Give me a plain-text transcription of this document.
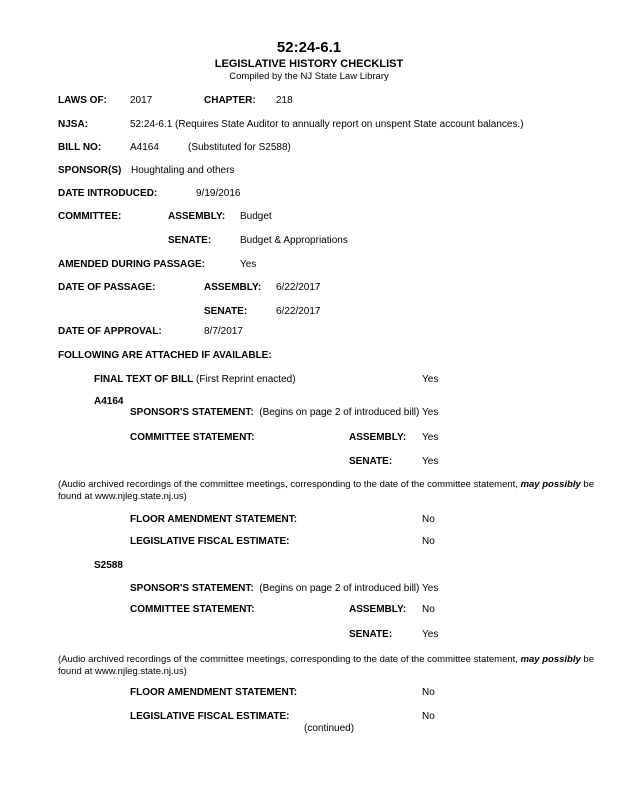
52:24-6.1
LEGISLATIVE HISTORY CHECKLIST
Compiled by the NJ State Law Library
LAWS OF: 2017	CHAPTER: 218
NJSA:	52:24-6.1 (Requires State Auditor to annually report on unspent State account balances.)
BILL NO:	A4164	(Substituted for S2588)
SPONSOR(S) Houghtaling and others
DATE INTRODUCED:	9/19/2016
COMMITTEE:	ASSEMBLY: Budget
SENATE:	Budget & Appropriations
AMENDED DURING PASSAGE:	Yes
DATE OF PASSAGE:	ASSEMBLY: 6/22/2017
SENATE:	6/22/2017
DATE OF APPROVAL:	8/7/2017
FOLLOWING ARE ATTACHED IF AVAILABLE:
FINAL TEXT OF BILL (First Reprint enacted)	Yes
A4164
SPONSOR'S STATEMENT: (Begins on page 2 of introduced bill) Yes
COMMITTEE STATEMENT:	ASSEMBLY: Yes
SENATE:	Yes
(Audio archived recordings of the committee meetings, corresponding to the date of the committee statement, may possibly be found at www.njleg.state.nj.us)
FLOOR AMENDMENT STATEMENT:	No
LEGISLATIVE FISCAL ESTIMATE:	No
S2588
SPONSOR'S STATEMENT: (Begins on page 2 of introduced bill) Yes
COMMITTEE STATEMENT:	ASSEMBLY: No
SENATE:	Yes
(Audio archived recordings of the committee meetings, corresponding to the date of the committee statement, may possibly be found at www.njleg.state.nj.us)
FLOOR AMENDMENT STATEMENT:	No
LEGISLATIVE FISCAL ESTIMATE:	No
(continued)
